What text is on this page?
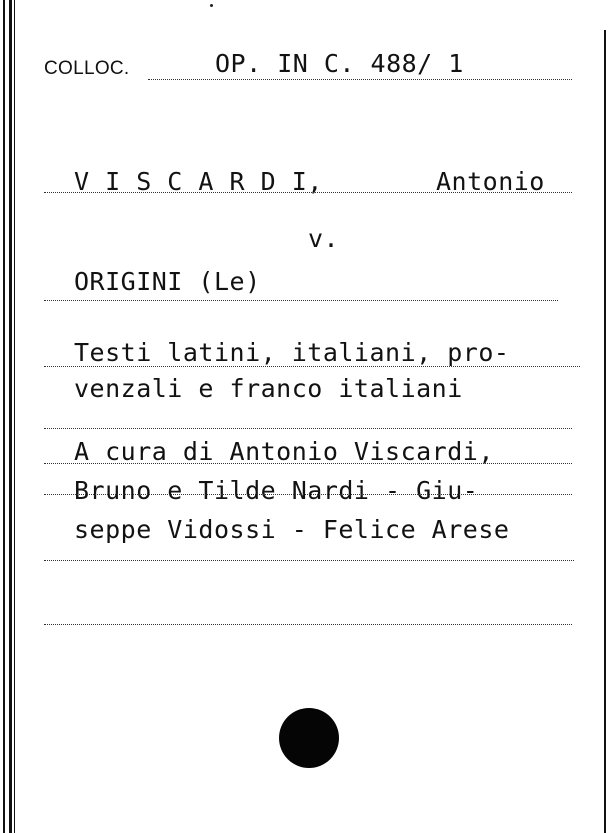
COLLOC.	OP. IN C. 488/ 1
V I S C A R D I,	Antonio
v.
ORIGINI (Le)
Testi latini, italiani, pro-
venzali e franco italiani
A cura di Antonio Viscardi,
Bruno e Tilde Nardi - Giu-
seppe Vidossi - Felice Arese
